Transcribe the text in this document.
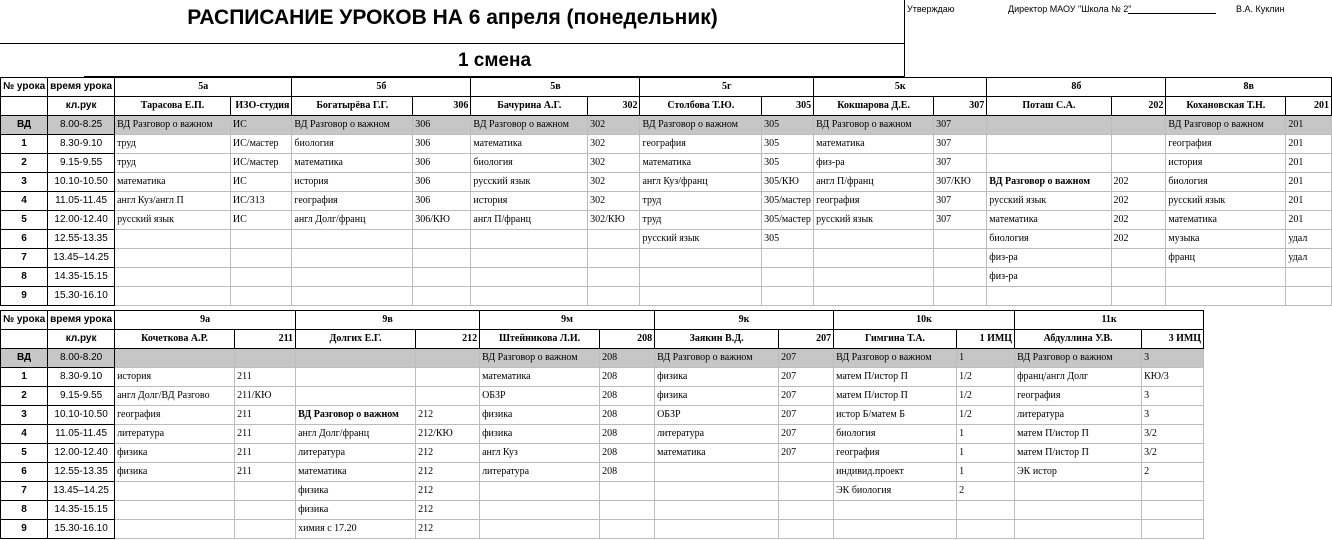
РАСПИСАНИЕ УРОКОВ НА 6 апреля (понедельник)	Утверждаю	Директор МАОУ "Школа № 2"	В.А. Куклин
1 смена
№ урока	время урока	5а		5б		5в		5г		5к		8б		8в	
	кл.рук	Тарасова Е.П.	ИЗО-студия	Богатырёва Г.Г.	306	Бачурина А.Г.	302	Столбова Т.Ю.	305	Кокшарова Д.Е.	307	Поташ С.А.	202	Кохановская Т.Н.	201
ВД	8.00-8.25	ВД Разговор о важном	ИС	ВД Разговор о важном	306	ВД Разговор о важном	302	ВД Разговор о важном	305	ВД Разговор о важном	307			ВД Разговор о важном	201
1	8.30-9.10	труд	ИС/мастер	биология	306	математика	302	география	305	математика	307			география	201
2	9.15-9.55	труд	ИС/мастер	математика	306	биология	302	математика	305	физ-ра	307			история	201
3	10.10-10.50	математика	ИС	история	306	русский язык	302	англ Куз/франц	305/КЮ	англ П/франц	307/КЮ	ВД Разговор о важном	202	биология	201
4	11.05-11.45	англ Куз/англ П	ИС/313	география	306	история	302	труд	305/мастер	география	307	русский язык	202	русский язык	201
5	12.00-12.40	русский язык	ИС	англ Долг/франц	306/КЮ	англ П/франц	302/КЮ	труд	305/мастер	русский язык	307	математика	202	математика	201
6	12.55-13.35							русский язык	305			биология	202	музыка	удал
7	13.45–14.25											физ-ра		франц	удал
8	14.35-15.15											физ-ра			
9	15.30-16.10														
№ урока	время урока	9а		9в		9м		9к		10к		11к	
	кл.рук	Кочеткова А.Р.	211	Долгих Е.Г.	212	Штейникова Л.И.	208	Заякин В.Д.	207	Гимгина Т.А.	1 ИМЦ	Абдуллина У.В.	3 ИМЦ
ВД	8.00-8.20					ВД Разговор о важном	208	ВД Разговор о важном	207	ВД Разговор о важном	1	ВД Разговор о важном	3
1	8.30-9.10	история	211			математика	208	физика	207	матем П/истор П	1/2	франц/англ Долг	КЮ/3
2	9.15-9.55	англ Долг/ВД Разгово	211/КЮ			ОБЗР	208	физика	207	матем П/истор П	1/2	география	3
3	10.10-10.50	география	211	ВД Разговор о важном	212	физика	208	ОБЗР	207	истор Б/матем Б	1/2	литература	3
4	11.05-11.45	литература	211	англ Долг/франц	212/КЮ	физика	208	литература	207	биология	1	матем П/истор П	3/2
5	12.00-12.40	физика	211	литература	212	англ Куз	208	математика	207	география	1	матем П/истор П	3/2
6	12.55-13.35	физика	211	математика	212	литература	208			индивид.проект	1	ЭК истор	2
7	13.45–14.25			физика	212					ЭК биология	2		
8	14.35-15.15			физика	212								
9	15.30-16.10			химия с 17.20	212								
